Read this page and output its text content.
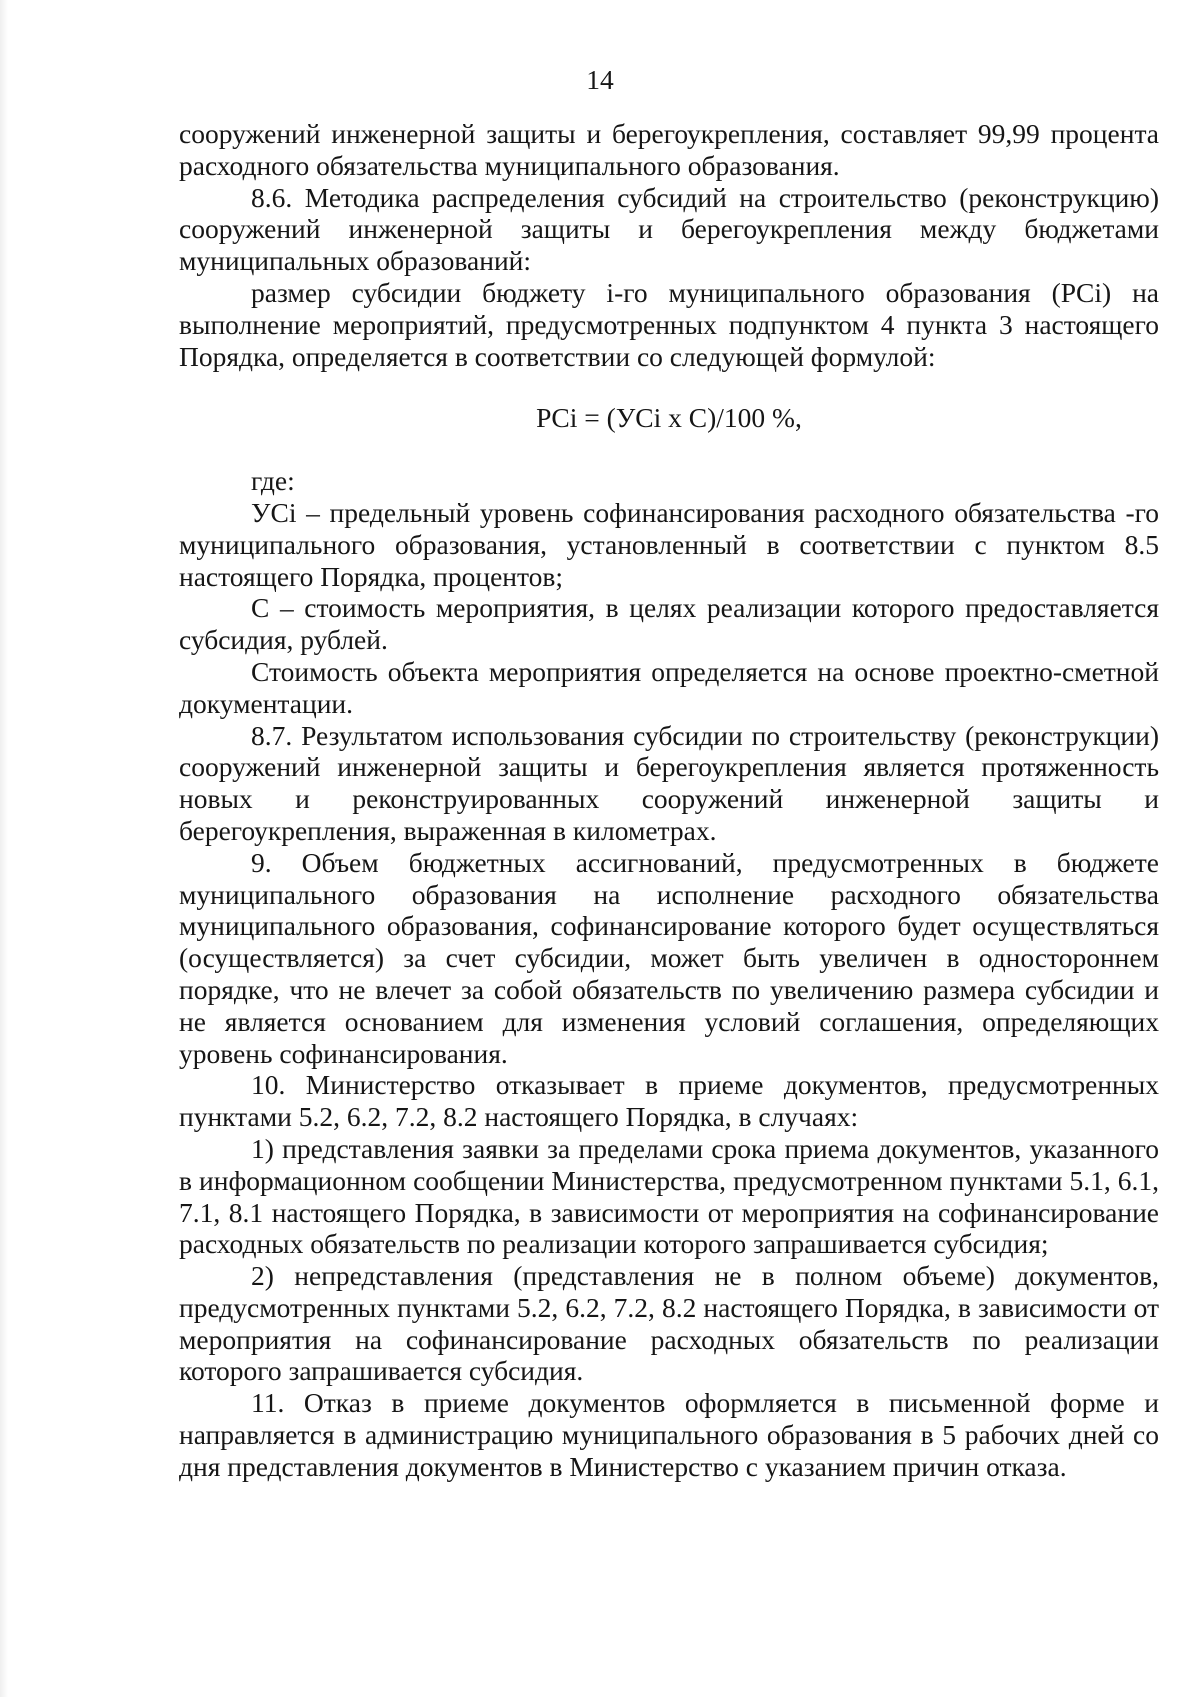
14

сооружений инженерной защиты и берегоукрепления, составляет 99,99 процента расходного обязательства муниципального образования.

8.6. Методика распределения субсидий на строительство (реконструкцию) сооружений инженерной защиты и берегоукрепления между бюджетами муниципальных образований:

размер субсидии бюджету i-го муниципального образования (PCi) на выполнение мероприятий, предусмотренных подпунктом 4 пункта 3 настоящего Порядка, определяется в соответствии со следующей формулой:

PCi = (УСi x С)/100 %,

где:

УСi – предельный уровень софинансирования расходного обязательства -го муниципального образования, установленный в соответствии с пунктом 8.5 настоящего Порядка, процентов;

С – стоимость мероприятия, в целях реализации которого предоставляется субсидия, рублей.

Стоимость объекта мероприятия определяется на основе проектно-сметной документации.

8.7. Результатом использования субсидии по строительству (реконструкции) сооружений инженерной защиты и берегоукрепления является протяженность новых и реконструированных сооружений инженерной защиты и берегоукрепления, выраженная в километрах.

9. Объем бюджетных ассигнований, предусмотренных в бюджете муниципального образования на исполнение расходного обязательства муниципального образования, софинансирование которого будет осуществляться (осуществляется) за счет субсидии, может быть увеличен в одностороннем порядке, что не влечет за собой обязательств по увеличению размера субсидии и не является основанием для изменения условий соглашения, определяющих уровень софинансирования.

10. Министерство отказывает в приеме документов, предусмотренных пунктами 5.2, 6.2, 7.2, 8.2 настоящего Порядка, в случаях:

1) представления заявки за пределами срока приема документов, указанного в информационном сообщении Министерства, предусмотренном пунктами 5.1, 6.1, 7.1, 8.1 настоящего Порядка, в зависимости от мероприятия на софинансирование расходных обязательств по реализации которого запрашивается субсидия;

2) непредставления (представления не в полном объеме) документов, предусмотренных пунктами 5.2, 6.2, 7.2, 8.2 настоящего Порядка, в зависимости от мероприятия на софинансирование расходных обязательств по реализации которого запрашивается субсидия.

11. Отказ в приеме документов оформляется в письменной форме и направляется в администрацию муниципального образования в 5 рабочих дней со дня представления документов в Министерство с указанием причин отказа.
